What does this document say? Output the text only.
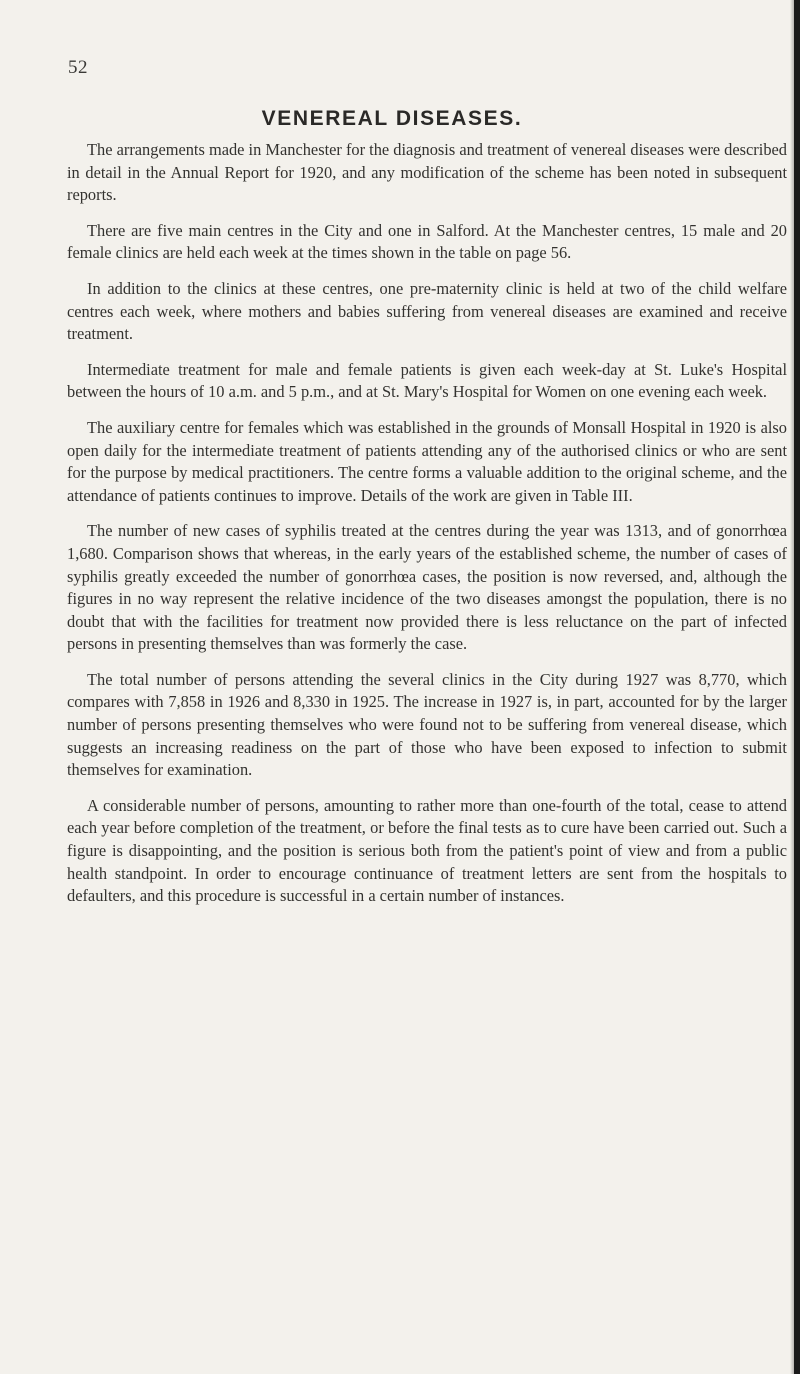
52
VENEREAL DISEASES.

The arrangements made in Manchester for the diagnosis and treatment of venereal diseases were described in detail in the Annual Report for 1920, and any modification of the scheme has been noted in subsequent reports.

There are five main centres in the City and one in Salford. At the Manchester centres, 15 male and 20 female clinics are held each week at the times shown in the table on page 56.

In addition to the clinics at these centres, one pre-maternity clinic is held at two of the child welfare centres each week, where mothers and babies suffering from venereal diseases are examined and receive treatment.

Intermediate treatment for male and female patients is given each week-day at St. Luke's Hospital between the hours of 10 a.m. and 5 p.m., and at St. Mary's Hospital for Women on one evening each week.

The auxiliary centre for females which was established in the grounds of Monsall Hospital in 1920 is also open daily for the intermediate treatment of patients attending any of the authorised clinics or who are sent for the purpose by medical practitioners. The centre forms a valuable addition to the original scheme, and the attendance of patients continues to improve. Details of the work are given in Table III.

The number of new cases of syphilis treated at the centres during the year was 1313, and of gonorrhœa 1,680. Comparison shows that whereas, in the early years of the established scheme, the number of cases of syphilis greatly exceeded the number of gonorrhœa cases, the position is now reversed, and, although the figures in no way represent the relative incidence of the two diseases amongst the population, there is no doubt that with the facilities for treatment now provided there is less reluctance on the part of infected persons in presenting themselves than was formerly the case.

The total number of persons attending the several clinics in the City during 1927 was 8,770, which compares with 7,858 in 1926 and 8,330 in 1925. The increase in 1927 is, in part, accounted for by the larger number of persons presenting themselves who were found not to be suffering from venereal disease, which suggests an increasing readiness on the part of those who have been exposed to infection to submit themselves for examination.

A considerable number of persons, amounting to rather more than one-fourth of the total, cease to attend each year before completion of the treatment, or before the final tests as to cure have been carried out. Such a figure is disappointing, and the position is serious both from the patient's point of view and from a public health standpoint. In order to encourage continuance of treatment letters are sent from the hospitals to defaulters, and this procedure is successful in a certain number of instances.
